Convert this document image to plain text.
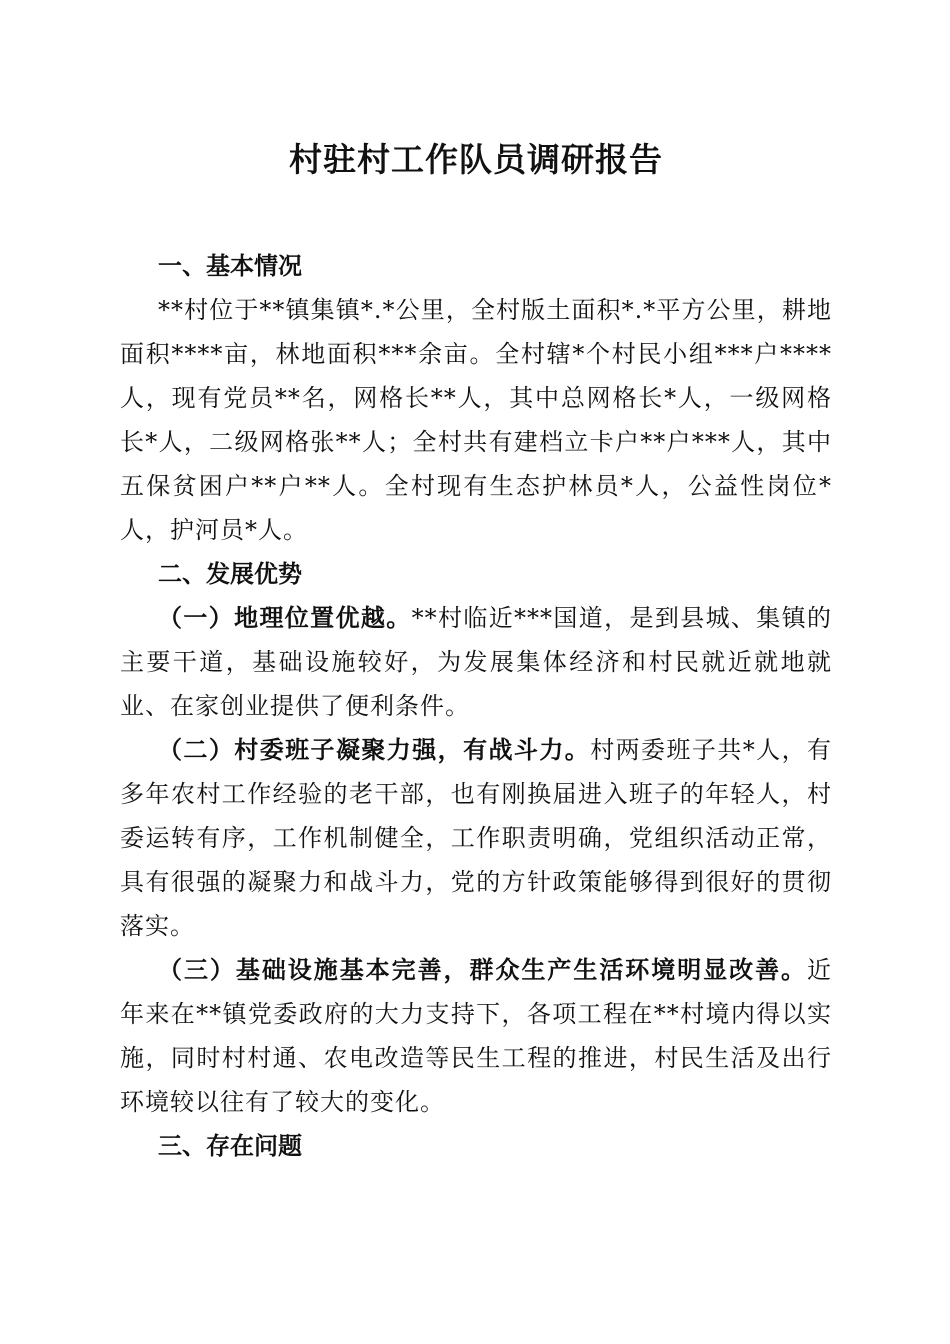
村驻村工作队员调研报告

一、基本情况

**村位于**镇集镇*.*公里，全村版土面积*.*平方公里，耕地面积****亩，林地面积***余亩。全村辖*个村民小组***户****人，现有党员**名，网格长**人，其中总网格长*人，一级网格长*人，二级网格张**人；全村共有建档立卡户**户***人，其中五保贫困户**户**人。全村现有生态护林员*人，公益性岗位*人，护河员*人。

二、发展优势

（一）地理位置优越。**村临近***国道，是到县城、集镇的主要干道，基础设施较好，为发展集体经济和村民就近就地就业、在家创业提供了便利条件。

（二）村委班子凝聚力强，有战斗力。村两委班子共*人，有多年农村工作经验的老干部，也有刚换届进入班子的年轻人，村委运转有序，工作机制健全，工作职责明确，党组织活动正常，具有很强的凝聚力和战斗力，党的方针政策能够得到很好的贯彻落实。

（三）基础设施基本完善，群众生产生活环境明显改善。近年来在**镇党委政府的大力支持下，各项工程在**村境内得以实施，同时村村通、农电改造等民生工程的推进，村民生活及出行环境较以往有了较大的变化。

三、存在问题
